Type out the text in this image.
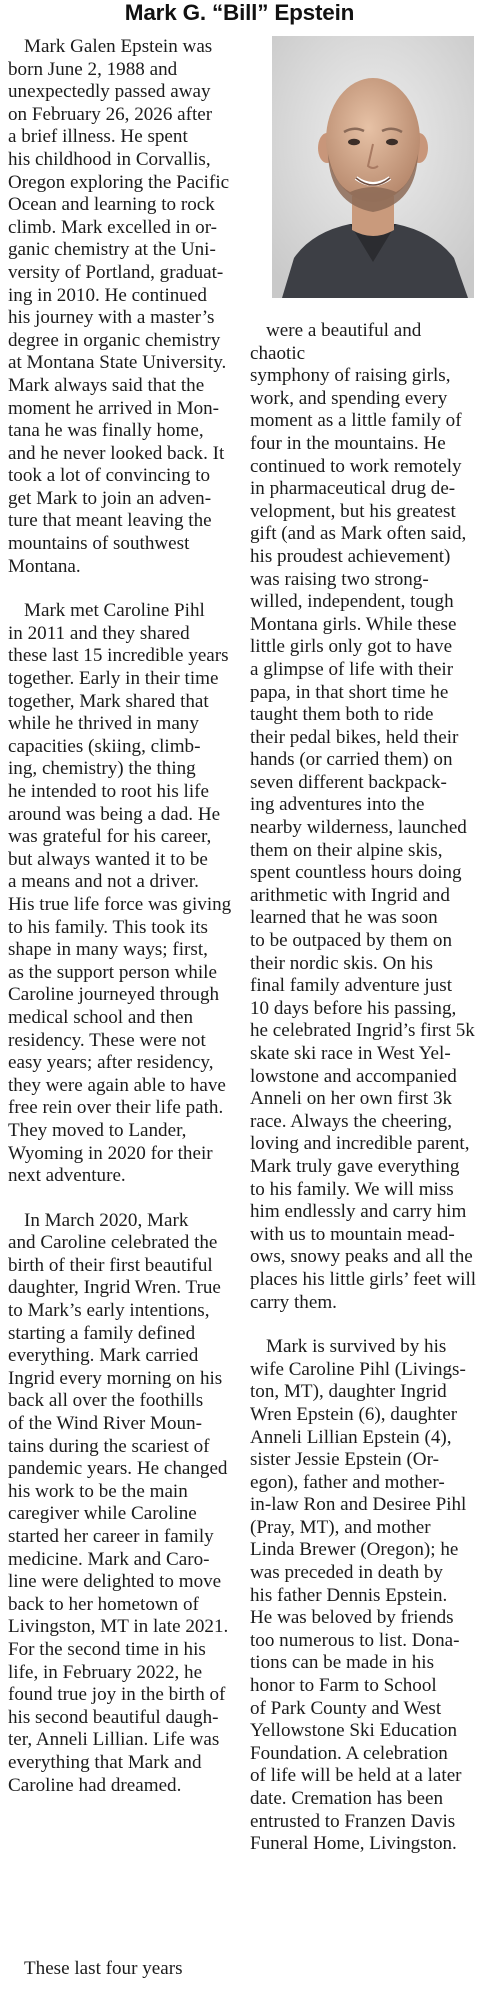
Mark G. “Bill” Epstein

Mark Galen Epstein was
born June 2, 1988 and
unexpectedly passed away
on February 26, 2026 after
a brief illness. He spent
his childhood in Corvallis,
Oregon exploring the Pacific
Ocean and learning to rock
climb. Mark excelled in or-
ganic chemistry at the Uni-
versity of Portland, graduat-
ing in 2010. He continued
his journey with a master’s
degree in organic chemistry
at Montana State University.
Mark always said that the
moment he arrived in Mon-
tana he was finally home,
and he never looked back. It
took a lot of convincing to
get Mark to join an adven-
ture that meant leaving the
mountains of southwest
Montana.

Mark met Caroline Pihl
in 2011 and they shared
these last 15 incredible years
together. Early in their time
together, Mark shared that
while he thrived in many
capacities (skiing, climb-
ing, chemistry) the thing
he intended to root his life
around was being a dad. He
was grateful for his career,
but always wanted it to be
a means and not a driver.
His true life force was giving
to his family. This took its
shape in many ways; first,
as the support person while
Caroline journeyed through
medical school and then
residency. These were not
easy years; after residency,
they were again able to have
free rein over their life path.
They moved to Lander,
Wyoming in 2020 for their
next adventure.

In March 2020, Mark
and Caroline celebrated the
birth of their first beautiful
daughter, Ingrid Wren. True
to Mark’s early intentions,
starting a family defined
everything. Mark carried
Ingrid every morning on his
back all over the foothills
of the Wind River Moun-
tains during the scariest of
pandemic years. He changed
his work to be the main
caregiver while Caroline
started her career in family
medicine. Mark and Caro-
line were delighted to move
back to her hometown of
Livingston, MT in late 2021.
For the second time in his
life, in February 2022, he
found true joy in the birth of
his second beautiful daugh-
ter, Anneli Lillian. Life was
everything that Mark and
Caroline had dreamed.

were a beautiful and chaotic
symphony of raising girls,
work, and spending every
moment as a little family of
four in the mountains. He
continued to work remotely
in pharmaceutical drug de-
velopment, but his greatest
gift (and as Mark often said,
his proudest achievement)
was raising two strong-
willed, independent, tough
Montana girls. While these
little girls only got to have
a glimpse of life with their
papa, in that short time he
taught them both to ride
their pedal bikes, held their
hands (or carried them) on
seven different backpack-
ing adventures into the
nearby wilderness, launched
them on their alpine skis,
spent countless hours doing
arithmetic with Ingrid and
learned that he was soon
to be outpaced by them on
their nordic skis. On his
final family adventure just
10 days before his passing,
he celebrated Ingrid’s first 5k
skate ski race in West Yel-
lowstone and accompanied
Anneli on her own first 3k
race. Always the cheering,
loving and incredible parent,
Mark truly gave everything
to his family. We will miss
him endlessly and carry him
with us to mountain mead-
ows, snowy peaks and all the
places his little girls’ feet will
carry them.

Mark is survived by his
wife Caroline Pihl (Livings-
ton, MT), daughter Ingrid
Wren Epstein (6), daughter
Anneli Lillian Epstein (4),
sister Jessie Epstein (Or-
egon), father and mother-
in-law Ron and Desiree Pihl
(Pray, MT), and mother
Linda Brewer (Oregon); he
was preceded in death by
his father Dennis Epstein.
He was beloved by friends
too numerous to list. Dona-
tions can be made in his
honor to Farm to School
of Park County and West
Yellowstone Ski Education
Foundation. A celebration
of life will be held at a later
date. Cremation has been
entrusted to Franzen Davis
Funeral Home, Livingston.

These last four years
